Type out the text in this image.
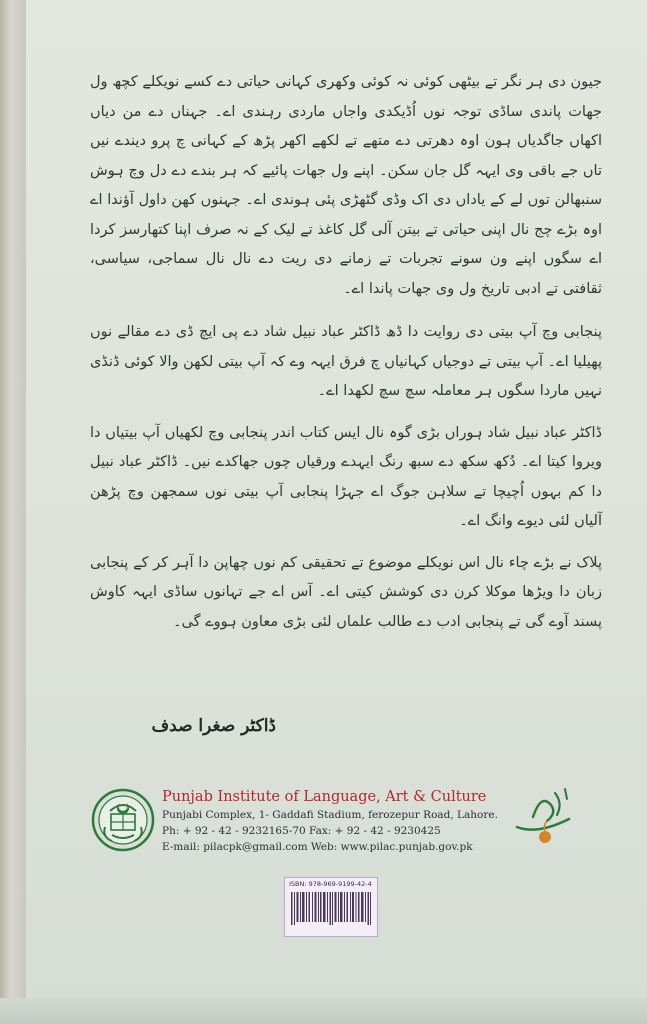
جیون دی ہر نگر تے بیٹھی کوئی نہ کوئی وکھری کہانی حیاتی دے کسے نویکلے کچھ ول جھات پاندی ساڈی توجہ نوں اُڈیکدی واجاں ماردی رہندی اے۔ جہناں دے من دیاں اکھاں جاگدیاں ہون اوہ دھرتی دے متھے تے لکھے اکھر پڑھ کے کہانی چ پرو دیندے نیں تاں جے باقی وی ایہہ گل جان سکن۔ اپنے ول جھات پائیے کہ ہر بندے دے دل وچ ہوش سنبھالن توں لے کے یاداں دی اک وڈی گٹھڑی پئی ہوندی اے۔ جہنوں کھن داول آؤندا اے اوہ بڑے چج نال اپنی حیاتی تے بیتن آلی گل کاغذ تے لیک کے نہ صرف اپنا کتھارسز کردا اے سگوں اپنے ون سونے تجربات تے زمانے دی ریت دے نال نال سماجی، سیاسی، ثقافتی تے ادبی تاریخ ول وی جھات پاندا اے۔

پنجابی وچ آپ بیتی دی روایت دا ڈھ ڈاکٹر عباد نبیل شاد دے پی ایچ ڈی دے مقالے نوں پھیلیا اے۔ آپ بیتی تے دوجیاں کہانیاں چ فرق ایہہ وے کہ آپ بیتی لکھن والا کوئی ڈنڈی نہیں ماردا سگوں ہر معاملہ سچ سچ لکھدا اے۔

ڈاکٹر عباد نبیل شاد ہوراں بڑی گوہ نال ایس کتاب اندر پنجابی وچ لکھیاں آپ بیتیاں دا ویروا کیتا اے۔ دُکھ سکھ دے سبھ رنگ ایہدے ورقیاں چوں جھاکدے نیں۔ ڈاکٹر عباد نبیل دا کم بہوں اُچیچا تے سلاہن جوگ اے جہڑا پنجابی آپ بیتی نوں سمجھن وچ پڑھن آلیاں لئی دیوے وانگ اے۔

پلاک نے بڑے چاء نال اس نویکلے موضوع تے تحقیقی کم نوں چھاپن دا آہر کر کے پنجابی زبان دا ویڑھا موکلا کرن دی کوشش کیتی اے۔ آس اے جے تہانوں ساڈی ایہہ کاوش پسند آوے گی تے پنجابی ادب دے طالب علماں لئی بڑی معاون ہووے گی۔

ڈاکٹر صغرا صدف
Punjab Institute of Language, Art & Culture
Punjabi Complex, 1- Gaddafi Stadium, ferozepur Road, Lahore.
Ph: + 92 - 42 - 9232165-70 Fax: + 92 - 42 - 9230425
E-mail: pilacpk@gmail.com Web: www.pilac.punjab.gov.pk
ISBN: 978-969-9199-42-4
